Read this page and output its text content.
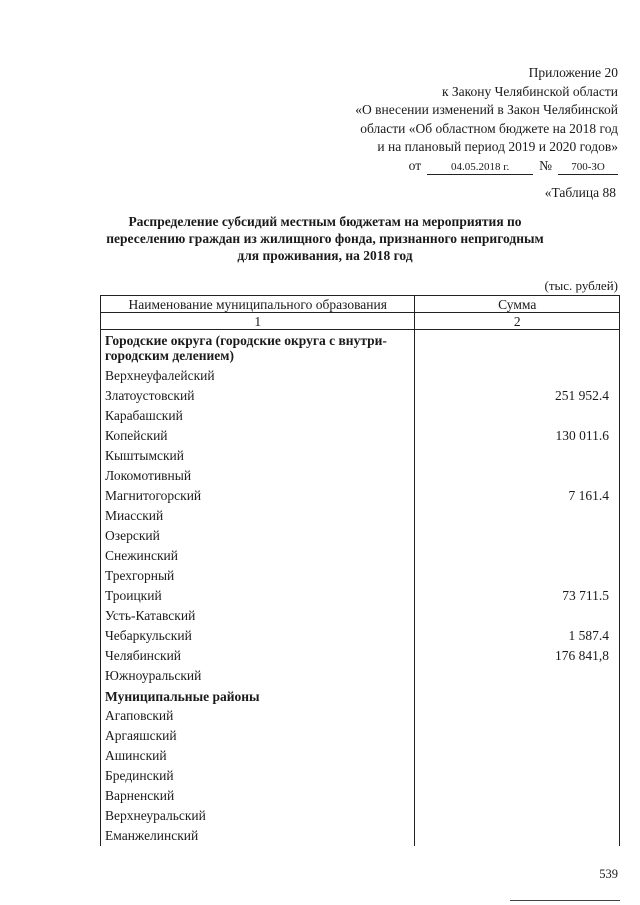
Приложение 20
к Закону Челябинской области
«О внесении изменений в Закон Челябинской
области «Об областном бюджете на 2018 год
и на плановый период 2019 и 2020 годов»
от	04.05.2018 г.	№	700-ЗО
«Таблица 88
Распределение субсидий местным бюджетам на мероприятия по переселению граждан из жилищного фонда, признанного непригодным для проживания, на 2018 год
(тыс. рублей)
Наименование муниципального образования	Сумма
1	2
Городские округа (городские округа с внутри-городским делением)	
Верхнеуфалейский	
Златоустовский	251 952.4
Карабашский	
Копейский	130 011.6
Кыштымский	
Локомотивный	
Магнитогорский	7 161.4
Миасский	
Озерский	
Снежинский	
Трехгорный	
Троицкий	73 711.5
Усть-Катавский	
Чебаркульский	1 587.4
Челябинский	176 841,8
Южноуральский	
Муниципальные районы	
Агаповский	
Аргаяшский	
Ашинский	
Брединский	
Варненский	
Верхнеуральский	
Еманжелинский	
539
